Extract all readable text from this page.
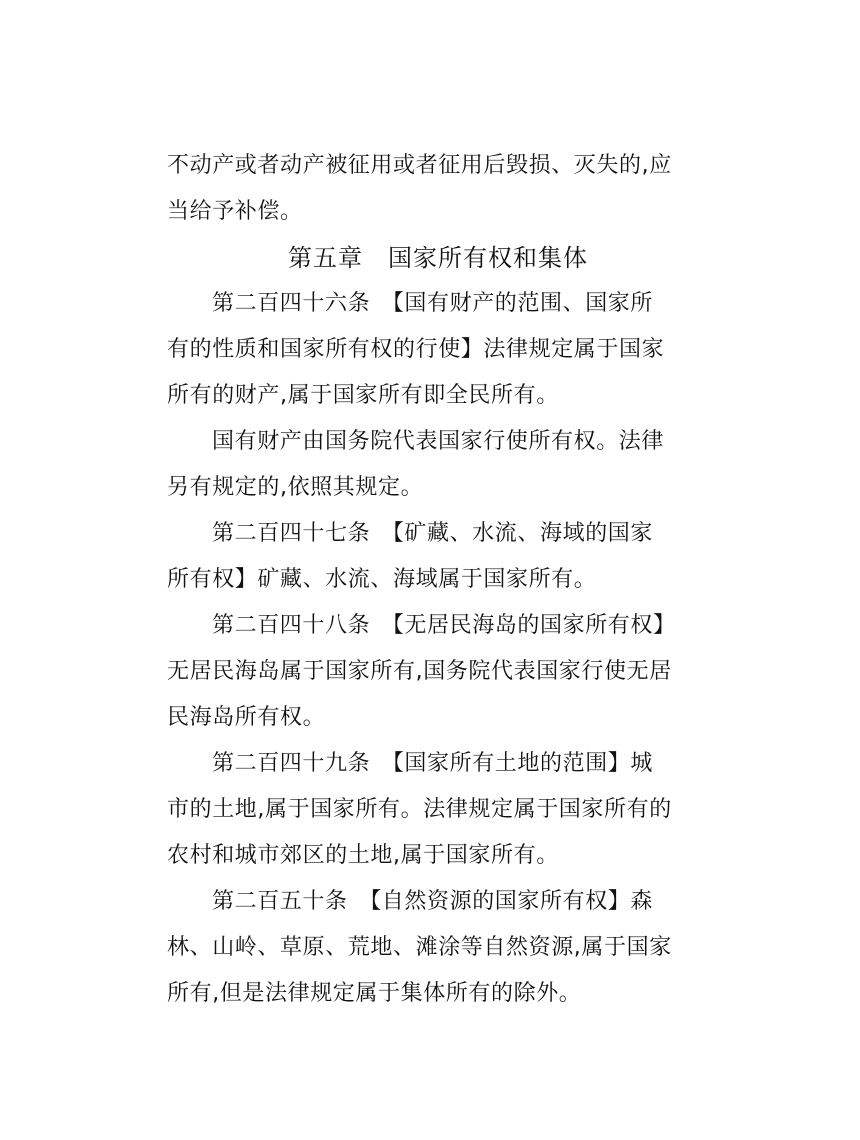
不动产或者动产被征用或者征用后毁损、灭失的,应
当给予补偿。
第五章　国家所有权和集体
第二百四十六条　【国有财产的范围、国家所
有的性质和国家所有权的行使】法律规定属于国家
所有的财产,属于国家所有即全民所有。
国有财产由国务院代表国家行使所有权。法律
另有规定的,依照其规定。
第二百四十七条　【矿藏、水流、海域的国家
所有权】矿藏、水流、海域属于国家所有。
第二百四十八条　【无居民海岛的国家所有权】
无居民海岛属于国家所有,国务院代表国家行使无居
民海岛所有权。
第二百四十九条　【国家所有土地的范围】城
市的土地,属于国家所有。法律规定属于国家所有的
农村和城市郊区的土地,属于国家所有。
第二百五十条　【自然资源的国家所有权】森
林、山岭、草原、荒地、滩涂等自然资源,属于国家
所有,但是法律规定属于集体所有的除外。
